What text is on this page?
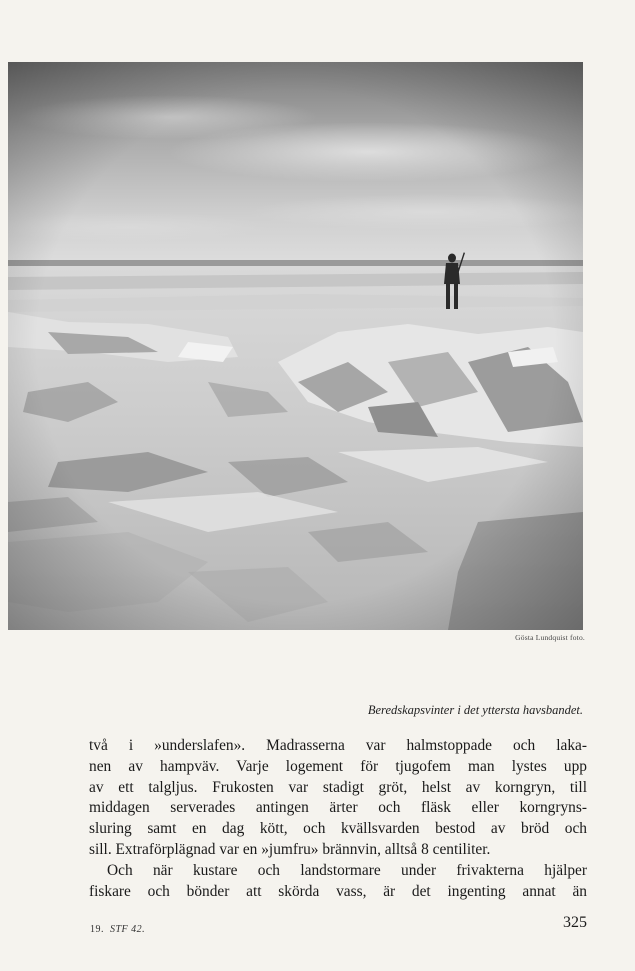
Gösta Lundquist foto.
Beredskapsvinter i det yttersta havsbandet.
två i »underslafen». Madrasserna var halmstoppade och laka-
nen av hampväv. Varje logement för tjugofem man lystes upp
av ett talgljus. Frukosten var stadigt gröt, helst av korngryn, till
middagen serverades antingen ärter och fläsk eller korngryns-
sluring samt en dag kött, och kvällsvarden bestod av bröd och
sill. Extraförplägnad var en »jumfru» brännvin, alltså 8 centiliter.
Och när kustare och landstormare under frivakterna hjälper
fiskare och bönder att skörda vass, är det ingenting annat än
19. STF 42.	325
